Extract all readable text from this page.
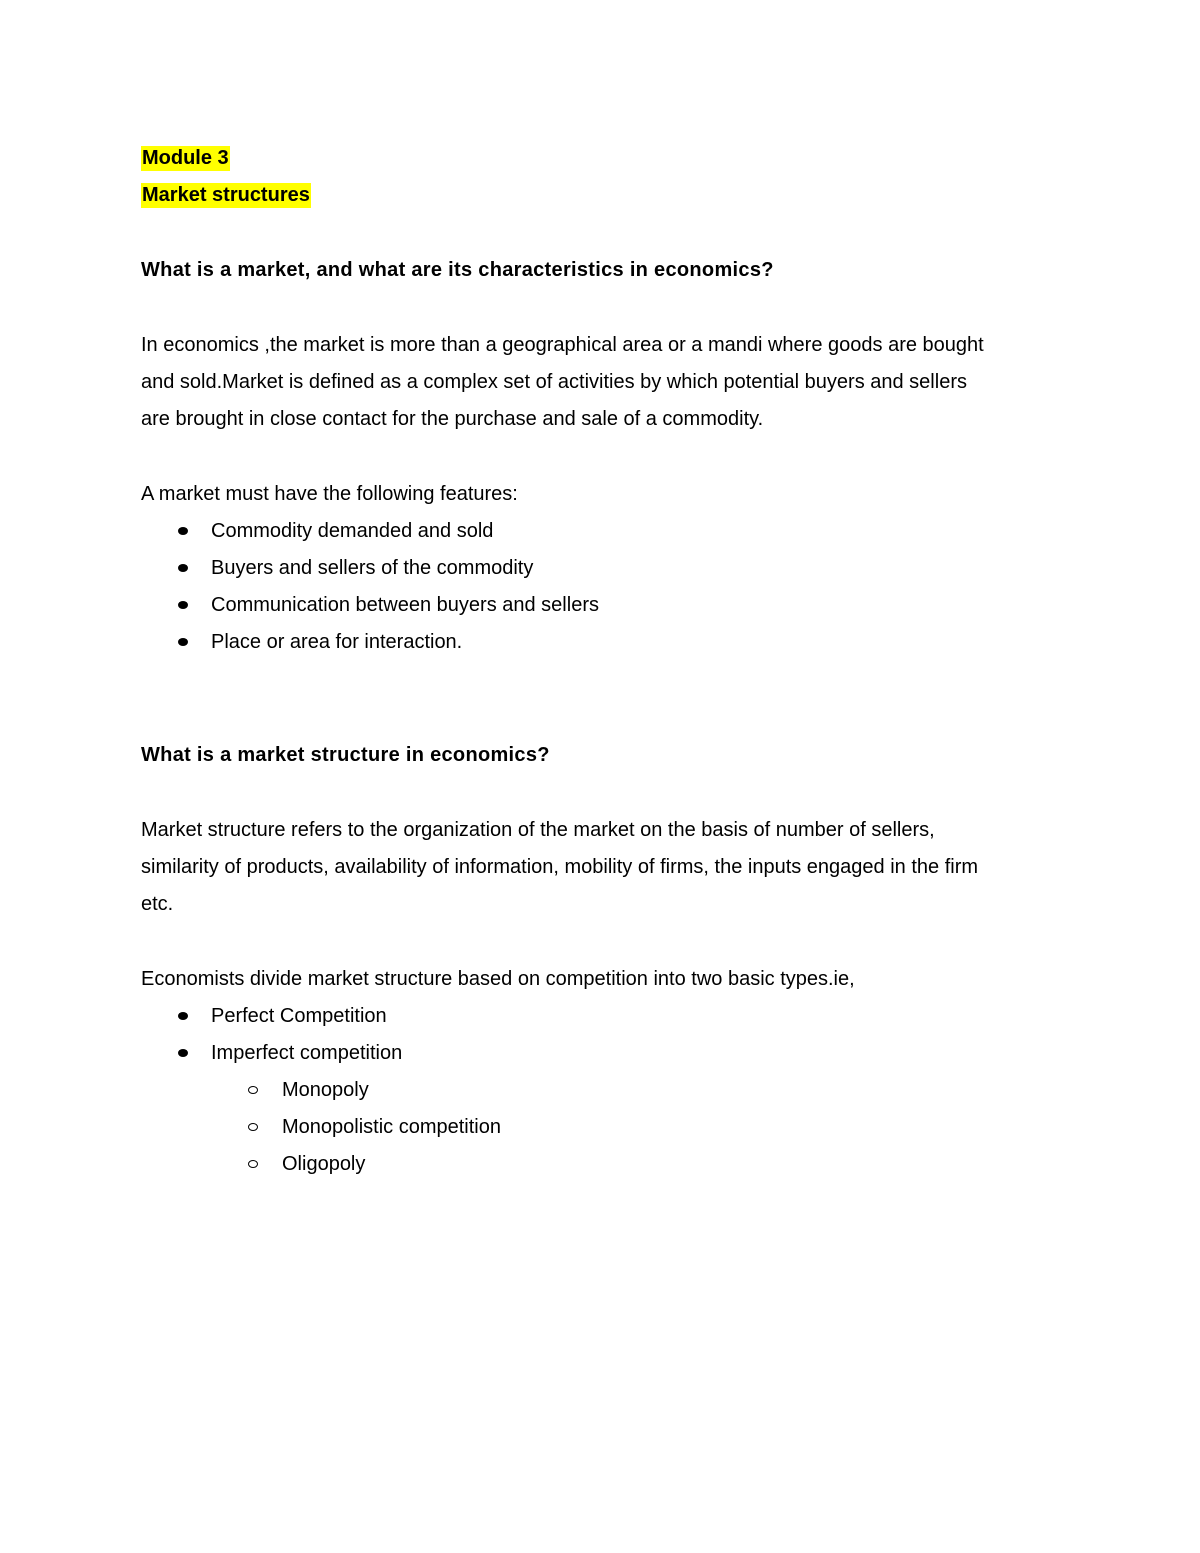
Module 3

Market structures

What is a market, and what are its characteristics in economics?

In economics ,the market is more than a geographical area or a mandi where goods are bought

and sold.Market is defined as a complex set of activities by which potential buyers and sellers

are brought in close contact for the purchase and sale of a commodity.

A market must have the following features:

Commodity demanded and sold
Buyers and sellers of the commodity
Communication between buyers and sellers
Place or area for interaction.

What is a market structure in economics?

Market structure refers to the organization of the market on the basis of number of sellers,

similarity of products, availability of information, mobility of firms, the inputs engaged in the firm

etc.

Economists divide market structure based on competition into two basic types.ie,

Perfect Competition
Imperfect competition
Monopoly
Monopolistic competition
Oligopoly
